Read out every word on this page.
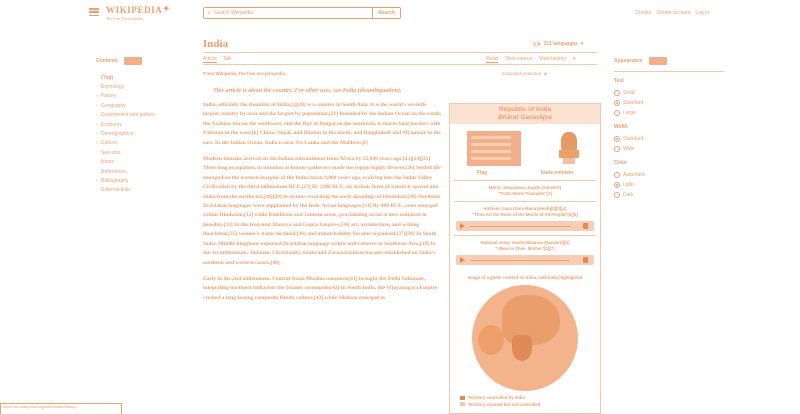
WIKIPEDIA
The Free Encyclopedia
✦	⌕
Search Wikipedia	Search	Donate Create account Log in
Contents
(Top)
Etymology
› History
› Geography
› Government and politics
› Economy
› Demographics
› Culture
See also
Notes
References
› Bibliography
External links
India	文A 311 languages ▾
Article Talk	Read View source View history ▾
From Wikipedia, the free encyclopedia	Extended-protected 🔒︎
This article is about the country. For other uses, see India (disambiguation).

India, officially the Republic of India,[j][20] is a country in South Asia. It is the world's seventh-largest country by area and the largest by population.[21] Bounded by the Indian Ocean on the south, the Arabian Sea on the southwest, and the Bay of Bengal on the southeast, it shares land borders with Pakistan to the west;[k] China, Nepal, and Bhutan to the north; and Bangladesh and Myanmar to the east. In the Indian Ocean, India is near Sri Lanka and the Maldives.[l]

Modern humans arrived on the Indian subcontinent from Africa by 55,000 years ago.[23][24][25] Their long occupation, in isolation as hunter-gatherers made the region highly diverse.[26] Settled life emerged on the western margins of the Indus basin 9,000 years ago, evolving into the Indus Valley Civilisation by the third millennium BCE.[27] By 1200 BCE, an archaic form of Sanskrit spread into India from the northwest,[28][29] its hymns recording the early dawnings of Hinduism.[30] Northern Dravidian languages were supplanted by the Indo-Aryan languages.[31] By 400 BCE, caste emerged within Hinduism,[32] while Buddhism and Jainism arose, proclaiming social orders unlinked to heredity.[33] In the Iron-knit Maurya and Gupta Empires,[34] art, architecture, and writing flourished,[35] women's status declined,[36] and untouchability became organised.[37][38] In South India, Middle kingdoms exported Dravidian language scripts and cultures to Southeast Asia.[39] In the 1st millennium, Judaism, Christianity, Islam and Zoroastrianism became established on India's southern and western coasts.[40]

Early in the 2nd millennium, Central Asian Muslim conquests[41] brought the Delhi Sultanate, integrating northern India into the Islamic cosmopolis[42] In South India, the Vijayanagara Empire created a long-lasting composite Hindu culture.[43] while Sikhism emerged in

Republic of India
Bhārat Gaṇarājya
Flag	State emblem
Motto: Satyameva Jayate (Sanskrit)
"Truth Alone Triumphs"[1]
Anthem: Jana Gana Mana (Hindi)[2][3][4]
"Thou Art the Ruler of the Minds of All People"[5][6]
National song: Vande Mataram (Sanskrit)[b]
"I Bow to Thee, Mother"[1][7]
Image of a globe centred on India, with India highlighted
Territory controlled by India
Territory claimed but not controlled
Appearance
Text
Small
Standard
Large
Width
Standard
Wide
Color
Automatic
Light
Dark
https://en.wikipedia.org/wiki/India#History
